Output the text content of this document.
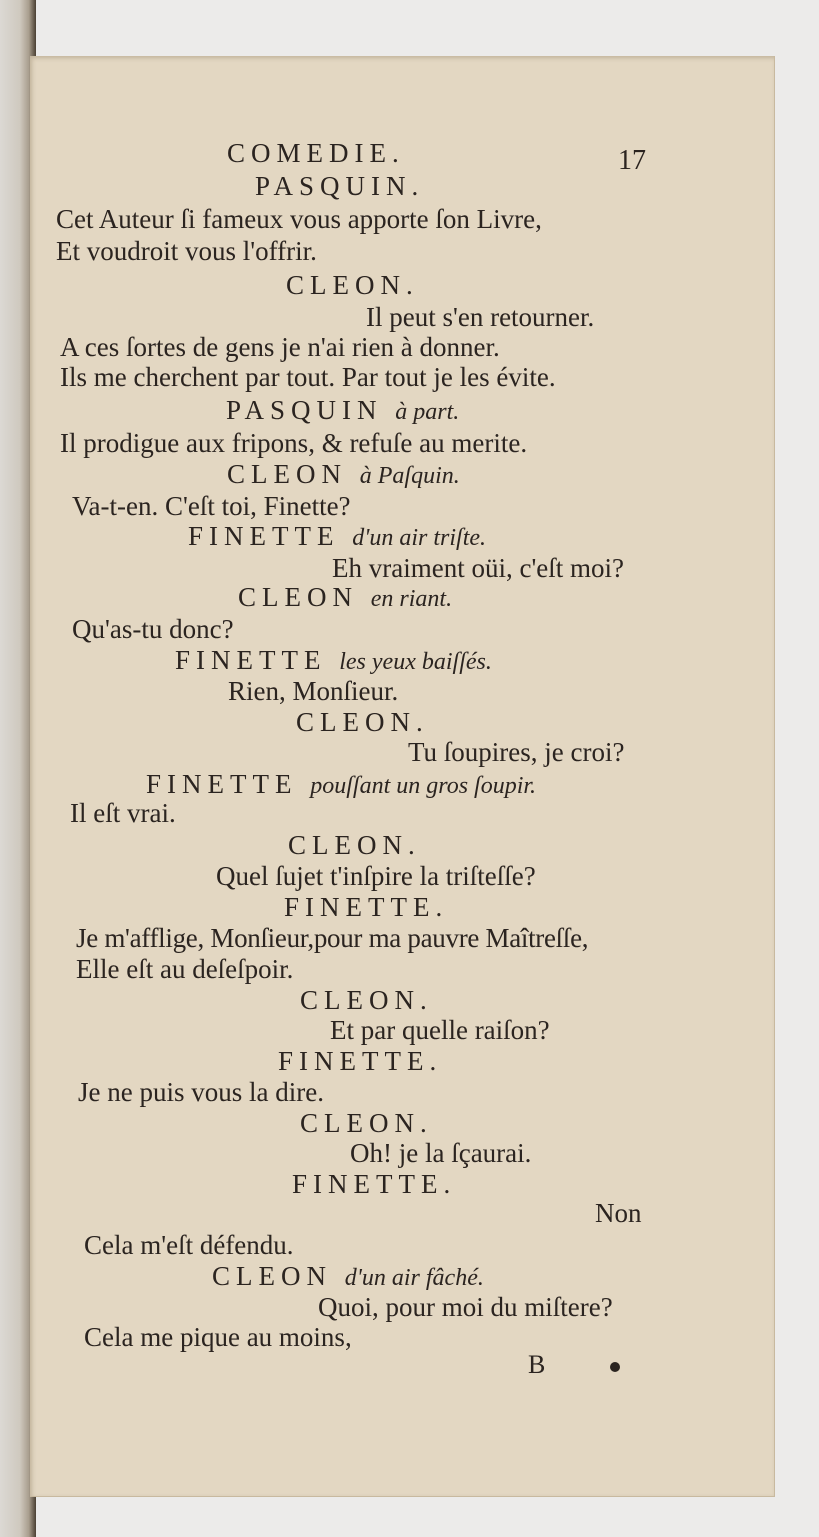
COMEDIE.	17
PASQUIN.
Cet Auteur ſi fameux vous apporte ſon Livre,
Et voudroit vous l'offrir.
CLEON.
Il peut s'en retourner.
A ces ſortes de gens je n'ai rien à donner.
Ils me cherchent par tout. Par tout je les évite.
PASQUIN à part.
Il prodigue aux fripons, & refuſe au merite.
CLEON à Paſquin.
Va-t-en. C'eſt toi, Finette?
FINETTE d'un air triſte.
Eh vraiment oüi, c'eſt moi?
CLEON en riant.
Qu'as-tu donc?
FINETTE les yeux baiſſés.
Rien, Monſieur.
CLEON.
Tu ſoupires, je croi?
FINETTE pouſſant un gros ſoupir.
Il eſt vrai.
CLEON.
Quel ſujet t'inſpire la triſteſſe?
FINETTE.
Je m'afflige, Monſieur,pour ma pauvre Maîtreſſe,
Elle eſt au deſeſpoir.
CLEON.
Et par quelle raiſon?
FINETTE.
Je ne puis vous la dire.
CLEON.
Oh! je la ſçaurai.
FINETTE.
Non
Cela m'eſt défendu.
CLEON d'un air fâché.
Quoi, pour moi du miſtere?
Cela me pique au moins,
B
